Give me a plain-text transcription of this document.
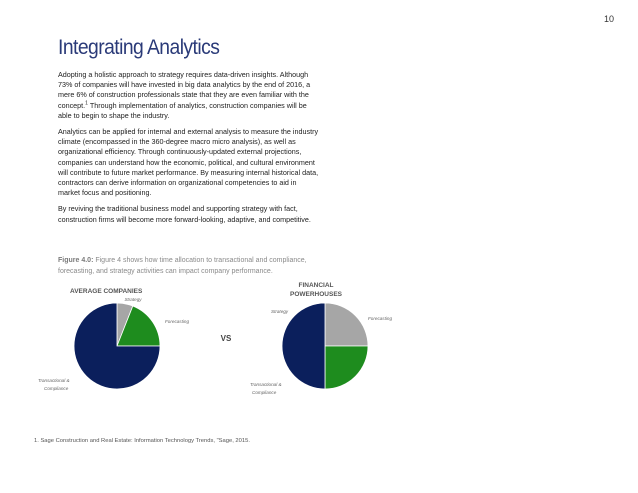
10
Integrating Analytics

Adopting a holistic approach to strategy requires data-driven insights. Although 73% of companies will have invested in big data analytics by the end of 2016, a mere 6% of construction professionals state that they are even familiar with the concept.$^1$ Through implementation of analytics, construction companies will be able to begin to shape the industry.

Analytics can be applied for internal and external analysis to measure the industry climate (encompassed in the 360-degree macro micro analysis), as well as organizational efficiency. Through continuously-updated external projections, companies can understand how the economic, political, and cultural environment will contribute to future market performance. By measuring internal historical data, contractors can derive information on organizational competencies to aid in market focus and positioning.

By reviving the traditional business model and supporting strategy with fact, construction firms will become more forward-looking, adaptive, and competitive.

Figure 4.0: Figure 4 shows how time allocation to transactional and compliance, forecasting, and strategy activities can impact company performance.
AVERAGE COMPANIES
FINANCIAL
POWERHOUSES
Strategy
Forecasting
Transactional &
Compliance
Strategy
Forecasting
Transactional &
Compliance
VS
1. Sage Construction and Real Estate: Information Technology Trends, "Sage, 2015.
